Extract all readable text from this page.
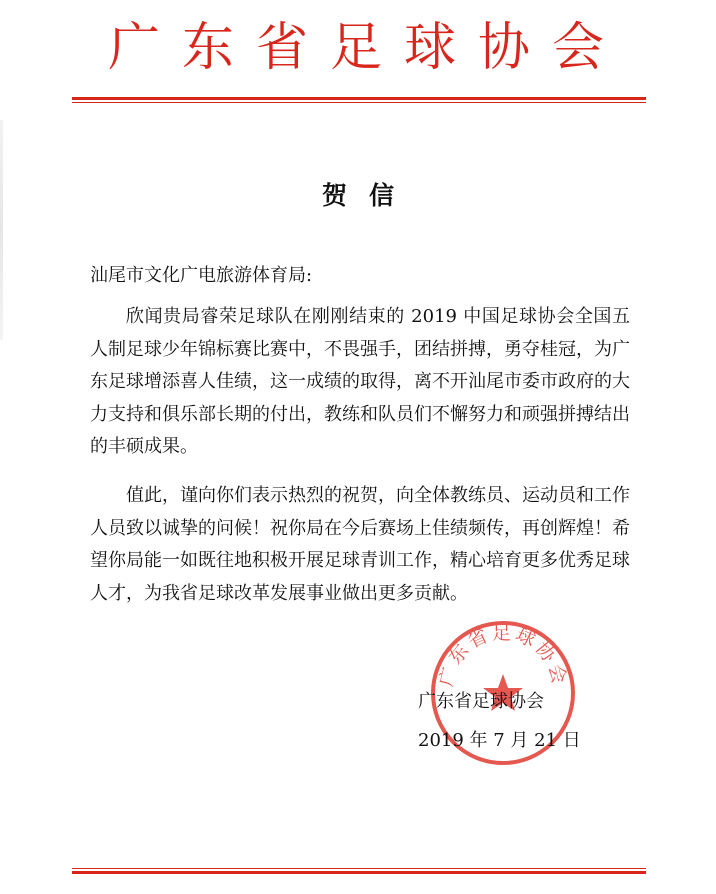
广东省足球协会
贺信
汕尾市文化广电旅游体育局:
欣闻贵局睿荣足球队在刚刚结束的 2019 中国足球协会全国五人制足球少年锦标赛比赛中，不畏强手，团结拼搏，勇夺桂冠，为广东足球增添喜人佳绩，这一成绩的取得，离不开汕尾市委市政府的大力支持和俱乐部长期的付出，教练和队员们不懈努力和顽强拼搏结出的丰硕成果。
值此，谨向你们表示热烈的祝贺，向全体教练员、运动员和工作人员致以诚挚的问候！祝你局在今后赛场上佳绩频传，再创辉煌！希望你局能一如既往地积极开展足球青训工作，精心培育更多优秀足球人才，为我省足球改革发展事业做出更多贡献。
广东省足球协会
广东省足球协会
2019 年 7 月 21 日
